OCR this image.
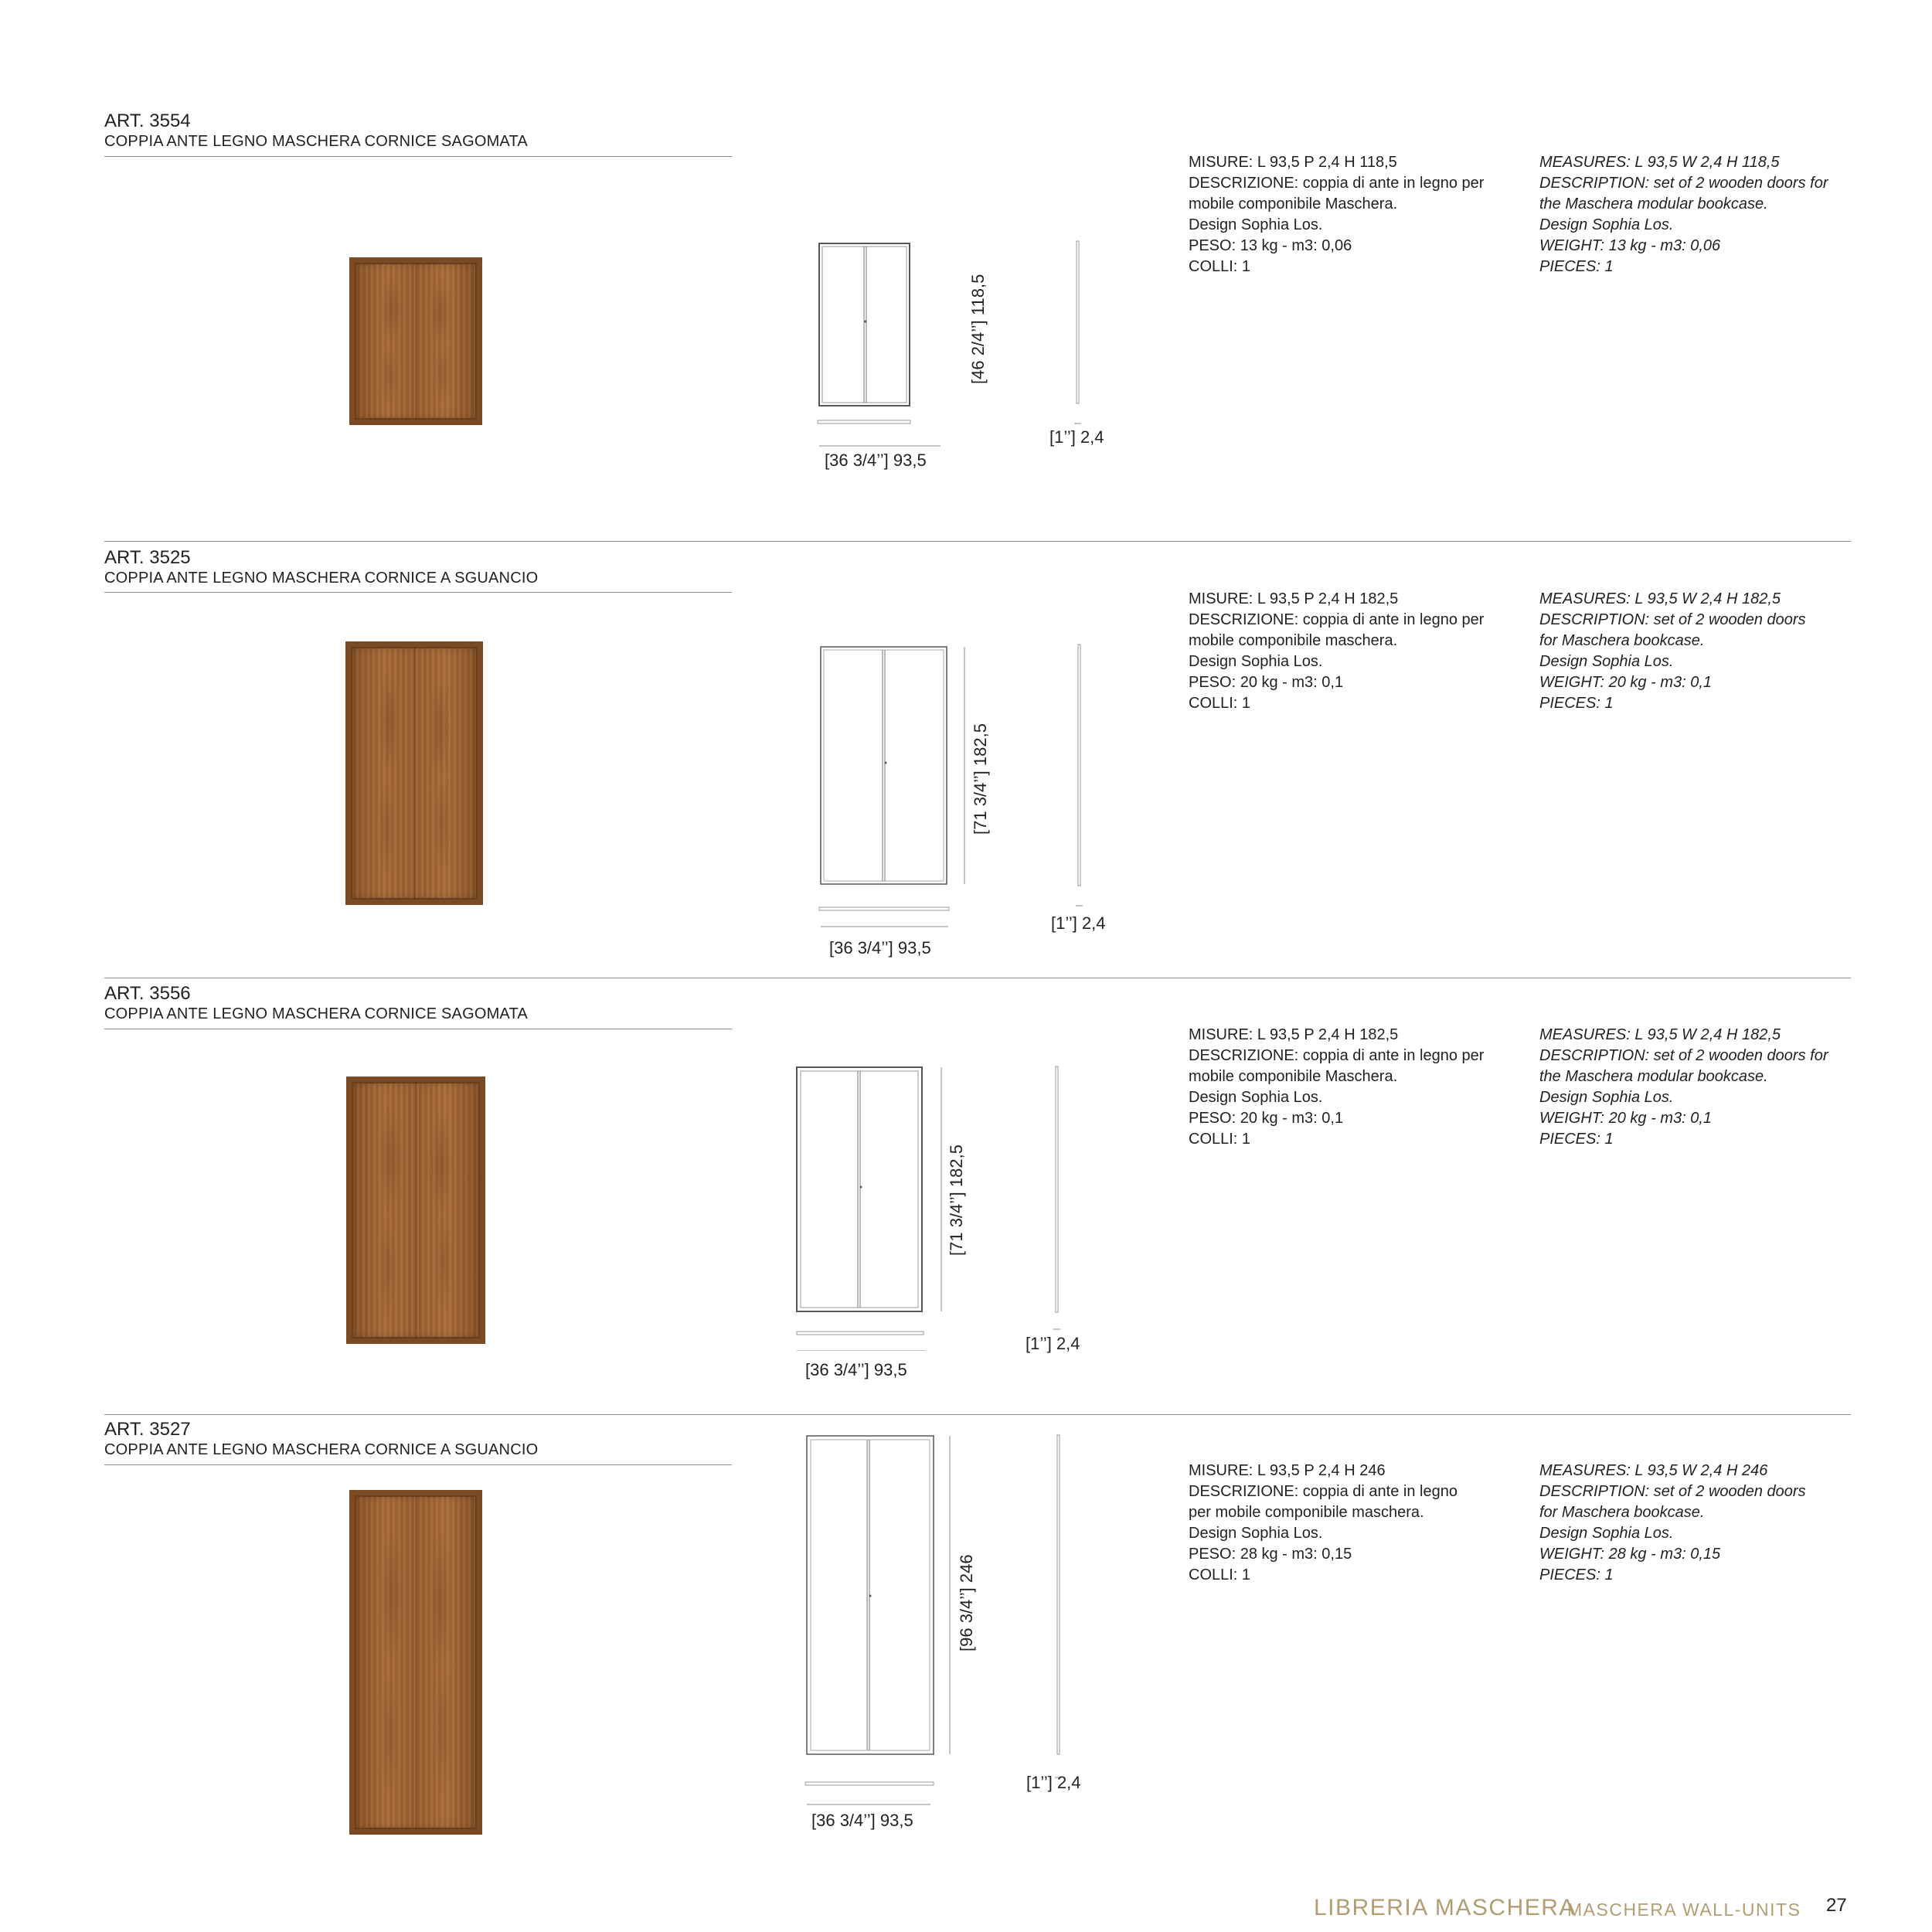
ART. 3554
COPPIA ANTE LEGNO MASCHERA CORNICE SAGOMATA
[46 2/4’’] 118,5
[36 3/4’’] 93,5
[1’’] 2,4
MISURE: L 93,5 P 2,4 H 118,5
DESCRIZIONE: coppia di ante in legno per
mobile componibile Maschera.
Design Sophia Los.
PESO: 13 kg - m3: 0,06
COLLI: 1
MEASURES: L 93,5 W 2,4 H 118,5
DESCRIPTION: set of 2 wooden doors for
the Maschera modular bookcase.
Design Sophia Los.
WEIGHT: 13 kg - m3: 0,06
PIECES: 1
ART. 3525
COPPIA ANTE LEGNO MASCHERA CORNICE A SGUANCIO
[71 3/4’’] 182,5
[36 3/4’’] 93,5
[1’’] 2,4
MISURE: L 93,5 P 2,4 H 182,5
DESCRIZIONE: coppia di ante in legno per
mobile componibile maschera.
Design Sophia Los.
PESO: 20 kg - m3: 0,1
COLLI: 1
MEASURES: L 93,5 W 2,4 H 182,5
DESCRIPTION: set of 2 wooden doors
for Maschera bookcase.
Design Sophia Los.
WEIGHT: 20 kg - m3: 0,1
PIECES: 1
ART. 3556
COPPIA ANTE LEGNO MASCHERA CORNICE SAGOMATA
[71 3/4’’] 182,5
[36 3/4’’] 93,5
[1’’] 2,4
MISURE: L 93,5 P 2,4 H 182,5
DESCRIZIONE: coppia di ante in legno per
mobile componibile Maschera.
Design Sophia Los.
PESO: 20 kg - m3: 0,1
COLLI: 1
MEASURES: L 93,5 W 2,4 H 182,5
DESCRIPTION: set of 2 wooden doors for
the Maschera modular bookcase.
Design Sophia Los.
WEIGHT: 20 kg - m3: 0,1
PIECES: 1
ART. 3527
COPPIA ANTE LEGNO MASCHERA CORNICE A SGUANCIO
[96 3/4’’] 246
[36 3/4’’] 93,5
[1’’] 2,4
MISURE: L 93,5 P 2,4 H 246
DESCRIZIONE: coppia di ante in legno
per mobile componibile maschera.
Design Sophia Los.
PESO: 28 kg - m3: 0,15
COLLI: 1
MEASURES: L 93,5 W 2,4 H 246
DESCRIPTION: set of 2 wooden doors
for Maschera bookcase.
Design Sophia Los.
WEIGHT: 28 kg - m3: 0,15
PIECES: 1
LIBRERIA MASCHERA
MASCHERA WALL-UNITS 27
